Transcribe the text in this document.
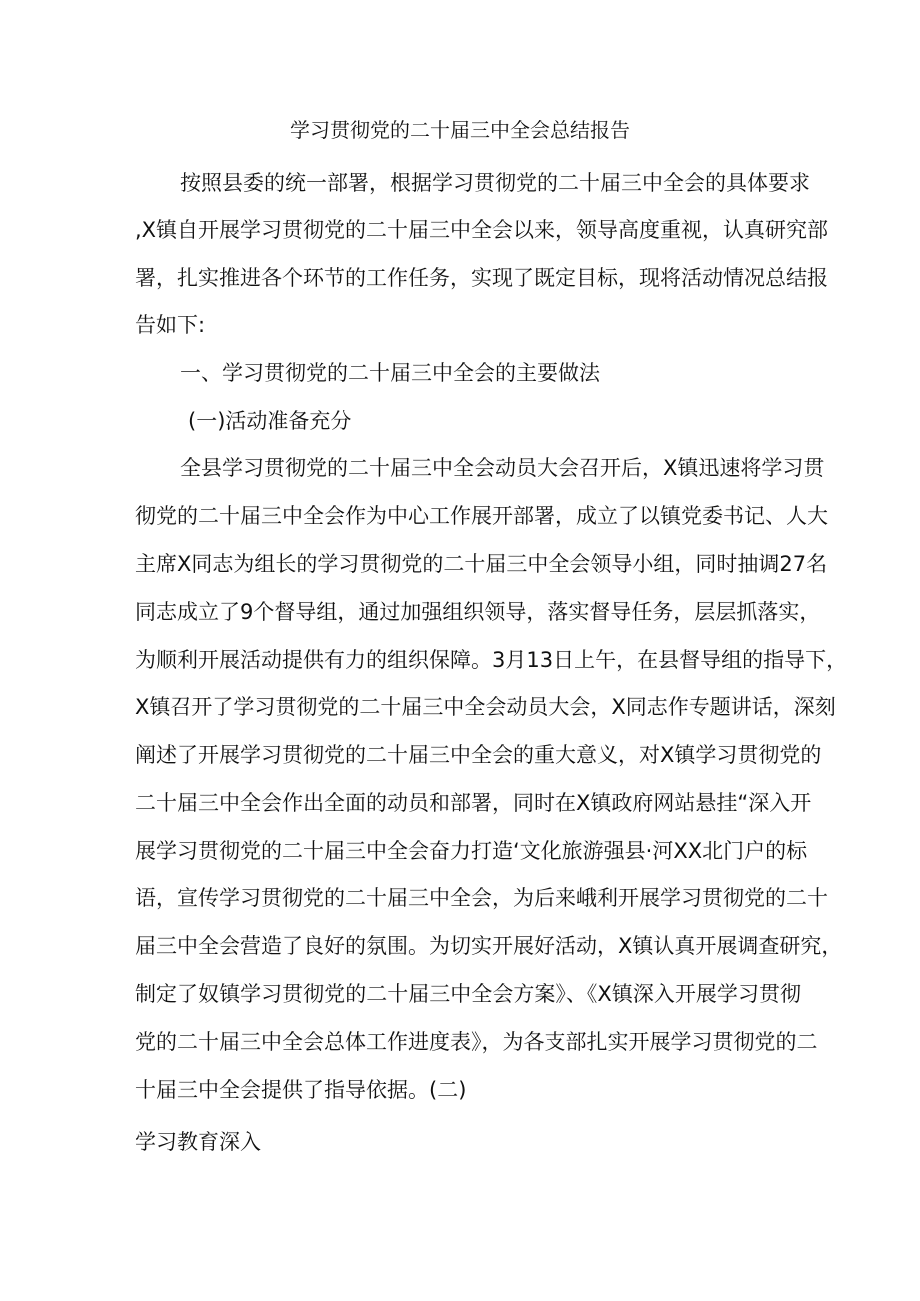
学习贯彻党的二十届三中全会总结报告
按照县委的统一部署，根据学习贯彻党的二十届三中全会的具体要求
,X镇自开展学习贯彻党的二十届三中全会以来，领导高度重视，认真研究部
署，扎实推进各个环节的工作任务，实现了既定目标，现将活动情况总结报
告如下:
一、学习贯彻党的二十届三中全会的主要做法
(一)活动准备充分
全县学习贯彻党的二十届三中全会动员大会召开后，X镇迅速将学习贯
彻党的二十届三中全会作为中心工作展开部署，成立了以镇党委书记、人大
主席X同志为组长的学习贯彻党的二十届三中全会领导小组，同时抽调27名
同志成立了9个督导组，通过加强组织领导，落实督导任务，层层抓落实，
为顺利开展活动提供有力的组织保障。3月13日上午，在县督导组的指导下，
X镇召开了学习贯彻党的二十届三中全会动员大会，X同志作专题讲话，深刻
阐述了开展学习贯彻党的二十届三中全会的重大意义，对X镇学习贯彻党的
二十届三中全会作出全面的动员和部署，同时在X镇政府网站悬挂“深入开
展学习贯彻党的二十届三中全会奋力打造‘文化旅游强县·河XX北门户的标
语，宣传学习贯彻党的二十届三中全会，为后来峨利开展学习贯彻党的二十
届三中全会营造了良好的氛围。为切实开展好活动，X镇认真开展调查研究，
制定了奴镇学习贯彻党的二十届三中全会方案》、《X镇深入开展学习贯彻
党的二十届三中全会总体工作进度表》，为各支部扎实开展学习贯彻党的二
十届三中全会提供了指导依据。(二)
学习教育深入
